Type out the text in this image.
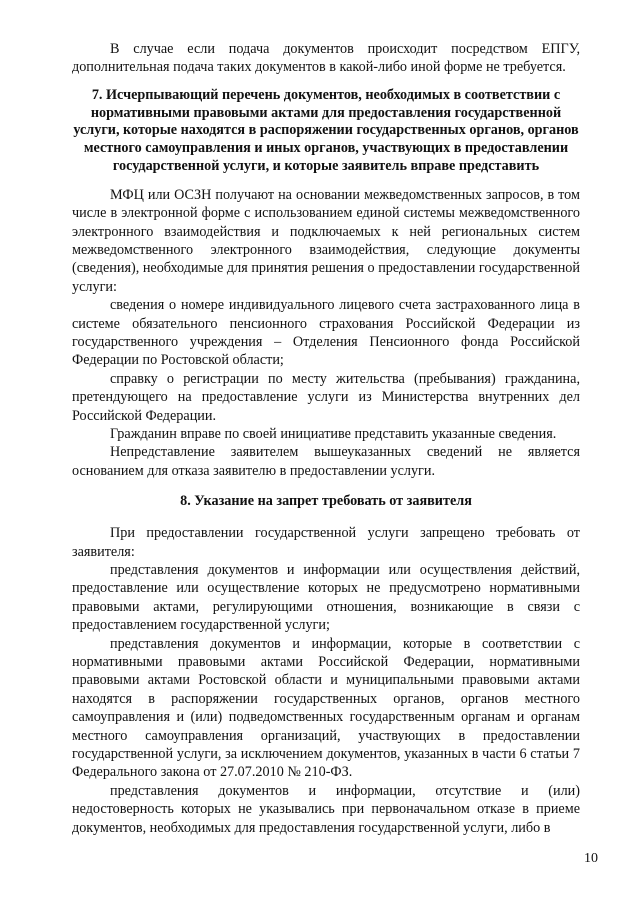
В случае если подача документов происходит посредством ЕПГУ, дополнительная подача таких документов в какой-либо иной форме не требуется.

7. Исчерпывающий перечень документов, необходимых в соответствии с нормативными правовыми актами для предоставления государственной услуги, которые находятся в распоряжении государственных органов, органов местного самоуправления и иных органов, участвующих в предоставлении государственной услуги, и которые заявитель вправе представить

МФЦ или ОСЗН получают на основании межведомственных запросов, в том числе в электронной форме с использованием единой системы межведомственного электронного взаимодействия и подключаемых к ней региональных систем межведомственного электронного взаимодействия, следующие документы (сведения), необходимые для принятия решения о предоставлении государственной услуги:

сведения о номере индивидуального лицевого счета застрахованного лица в системе обязательного пенсионного страхования Российской Федерации из государственного учреждения – Отделения Пенсионного фонда Российской Федерации по Ростовской области;

справку о регистрации по месту жительства (пребывания) гражданина, претендующего на предоставление услуги из Министерства внутренних дел Российской Федерации.

Гражданин вправе по своей инициативе представить указанные сведения.

Непредставление заявителем вышеуказанных сведений не является основанием для отказа заявителю в предоставлении услуги.

8. Указание на запрет требовать от заявителя

При предоставлении государственной услуги запрещено требовать от заявителя:

представления документов и информации или осуществления действий, предоставление или осуществление которых не предусмотрено нормативными правовыми актами, регулирующими отношения, возникающие в связи с предоставлением государственной услуги;

представления документов и информации, которые в соответствии с нормативными правовыми актами Российской Федерации, нормативными правовыми актами Ростовской области и муниципальными правовыми актами находятся в распоряжении государственных органов, органов местного самоуправления и (или) подведомственных государственным органам и органам местного самоуправления организаций, участвующих в предоставлении государственной услуги, за исключением документов, указанных в части 6 статьи 7 Федерального закона от 27.07.2010 № 210-ФЗ.

представления документов и информации, отсутствие и (или) недостоверность которых не указывались при первоначальном отказе в приеме документов, необходимых для предоставления государственной услуги, либо в

10
